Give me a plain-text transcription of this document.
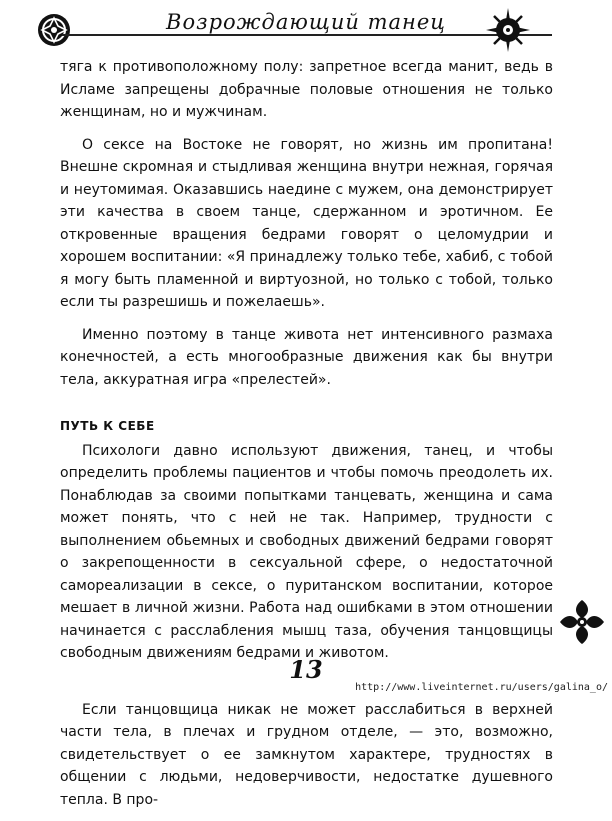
Возрождающий танец

тяга к противоположному полу: запретное всегда манит, ведь в Исламе запрещены добрачные половые отношения не только женщинам, но и мужчинам.

О сексе на Востоке не говорят, но жизнь им пропитана! Внешне скромная и стыдливая женщина внутри нежная, горячая и неутомимая. Оказавшись наедине с мужем, она демонстрирует эти качества в своем танце, сдержанном и эротичном. Ее откровенные вращения бедрами говорят о целомудрии и хорошем воспитании: «Я принадлежу только тебе, хабиб, с тобой я могу быть пламенной и виртуозной, но только с тобой, только если ты разрешишь и пожелаешь».

Именно поэтому в танце живота нет интенсивного размаха конечностей, а есть многообразные движения как бы внутри тела, аккуратная игра «прелестей».

ПУТЬ К СЕБЕ

Психологи давно используют движения, танец, и чтобы определить проблемы пациентов и чтобы помочь преодолеть их. Понаблюдав за своими попытками танцевать, женщина и сама может понять, что с ней не так. Например, трудности с выполнением обьемных и свободных движений бедрами говорят о закрепощенности в сексуальной сфере, о недостаточной самореализации в сексе, о пуританском воспитании, которое мешает в личной жизни. Работа над ошибками в этом отношении начинается с расслабления мышц таза, обучения танцовщицы свободным движениям бедрами и животом.

Если танцовщица никак не может расслабиться в верхней части тела, в плечах и грудном отделе, — это, возможно, свидетельствует о ее замкнутом характере, трудностях в общении с людьми, недоверчивости, недостатке душевного тепла. В про-

13
http://www.liveinternet.ru/users/galina_o/
